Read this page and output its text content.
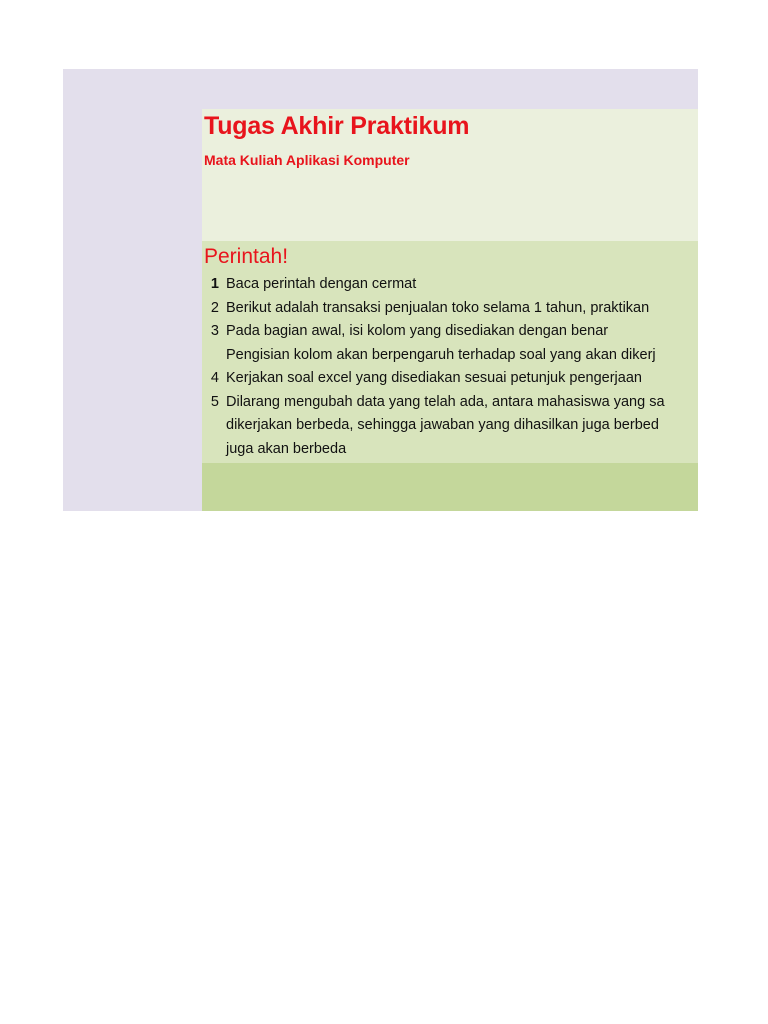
Tugas Akhir Praktikum
Mata Kuliah Aplikasi Komputer
Perintah!
1 Baca perintah dengan cermat
2 Berikut adalah transaksi penjualan toko selama 1 tahun, praktikan
3 Pada bagian awal, isi kolom yang disediakan dengan benar
Pengisian kolom akan berpengaruh terhadap soal yang akan dikerj
4 Kerjakan soal excel yang disediakan sesuai petunjuk pengerjaan
5 Dilarang mengubah data yang telah ada, antara mahasiswa yang sa
dikerjakan berbeda, sehingga jawaban yang dihasilkan juga berbed
juga akan berbeda
